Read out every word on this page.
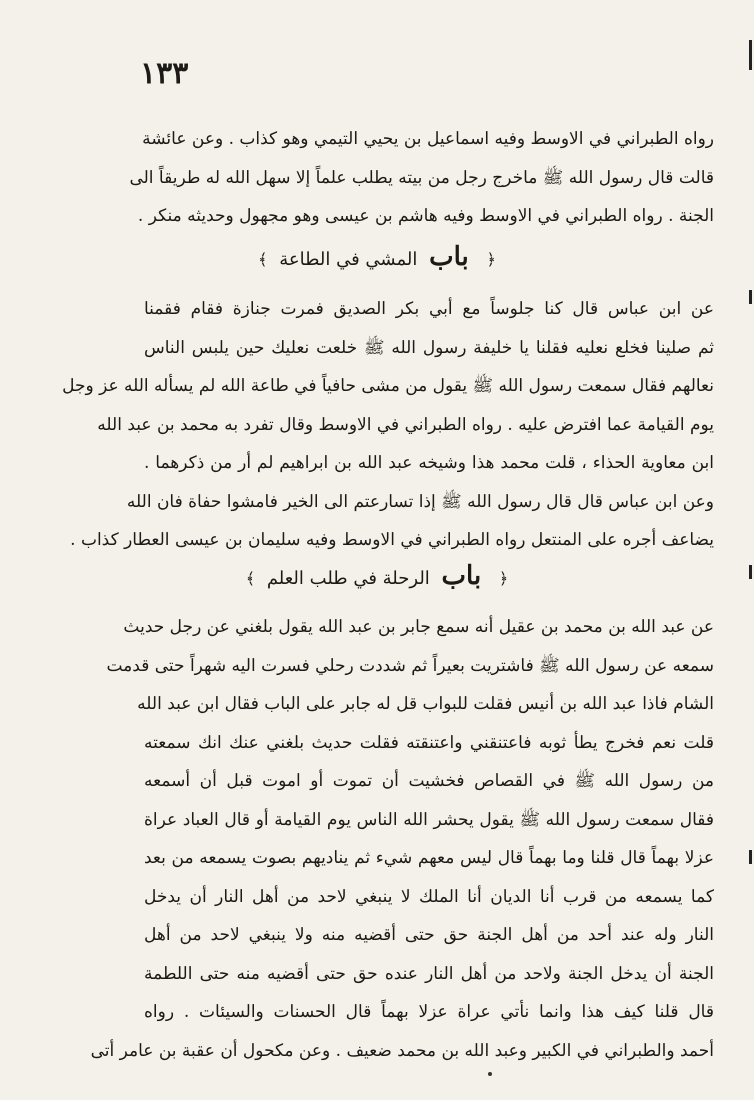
١٣٣
رواه الطبراني في الاوسط وفيه اسماعيل بن يحيي التيمي وهو كذاب . وعن عائشة
قالت قال رسول الله ﷺ ماخرج رجل من بيته يطلب علماً إلا سهل الله له طريقاً الى
الجنة . رواه الطبراني في الاوسط وفيه هاشم بن عيسى وهو مجهول وحديثه منكر .
﴿ باب المشي في الطاعة ﴾
عن ابن عباس قال كنا جلوساً مع أبي بكر الصديق فمرت جنازة فقام فقمنا
ثم صلينا فخلع نعليه فقلنا يا خليفة رسول الله ﷺ خلعت نعليك حين يلبس الناس
نعالهم فقال سمعت رسول الله ﷺ يقول من مشى حافياً في طاعة الله لم يسأله الله عز وجل
يوم القيامة عما افترض عليه . رواه الطبراني في الاوسط وقال تفرد به محمد بن عبد الله
ابن معاوية الحذاء ، قلت محمد هذا وشيخه عبد الله بن ابراهيم لم أر من ذكرهما .
وعن ابن عباس قال قال رسول الله ﷺ إذا تسارعتم الى الخير فامشوا حفاة فان الله
يضاعف أجره على المنتعل رواه الطبراني في الاوسط وفيه سليمان بن عيسى العطار كذاب .
﴿ باب الرحلة في طلب العلم ﴾
عن عبد الله بن محمد بن عقيل أنه سمع جابر بن عبد الله يقول بلغني عن رجل حديث
سمعه عن رسول الله ﷺ فاشتريت بعيراً ثم شددت رحلي فسرت اليه شهراً حتى قدمت
الشام فاذا عبد الله بن أنيس فقلت للبواب قل له جابر على الباب فقال ابن عبد الله
قلت نعم فخرج يطأ ثوبه فاعتنقني واعتنقته فقلت حديث بلغني عنك انك سمعته
من رسول الله ﷺ في القصاص فخشيت أن تموت أو اموت قبل أن أسمعه
فقال سمعت رسول الله ﷺ يقول يحشر الله الناس يوم القيامة أو قال العباد عراة
عزلا بهماً قال قلنا وما بهماً قال ليس معهم شيء ثم يناديهم بصوت يسمعه من بعد
كما يسمعه من قرب أنا الديان أنا الملك لا ينبغي لاحد من أهل النار أن يدخل
النار وله عند أحد من أهل الجنة حق حتى أقضيه منه ولا ينبغي لاحد من أهل
الجنة أن يدخل الجنة ولاحد من أهل النار عنده حق حتى أقضيه منه حتى اللطمة
قال قلنا كيف هذا وانما نأتي عراة عزلا بهماً قال الحسنات والسيئات . رواه
أحمد والطبراني في الكبير وعبد الله بن محمد ضعيف . وعن مكحول أن عقبة بن عامر أتى
